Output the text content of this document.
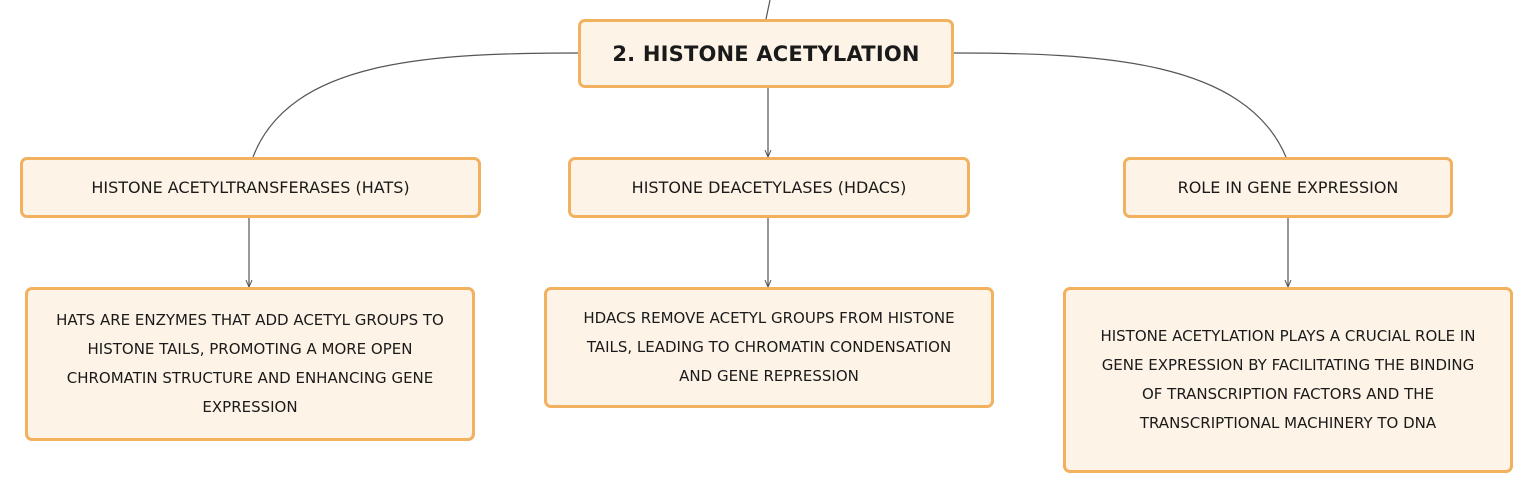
2. HISTONE ACETYLATION
HISTONE ACETYLTRANSFERASES (HATS)	HISTONE DEACETYLASES (HDACS)	ROLE IN GENE EXPRESSION
HATS ARE ENZYMES THAT ADD ACETYL GROUPS TO
HISTONE TAILS, PROMOTING A MORE OPEN
CHROMATIN STRUCTURE AND ENHANCING GENE
EXPRESSION
HDACS REMOVE ACETYL GROUPS FROM HISTONE
TAILS, LEADING TO CHROMATIN CONDENSATION
AND GENE REPRESSION
HISTONE ACETYLATION PLAYS A CRUCIAL ROLE IN
GENE EXPRESSION BY FACILITATING THE BINDING
OF TRANSCRIPTION FACTORS AND THE
TRANSCRIPTIONAL MACHINERY TO DNA
